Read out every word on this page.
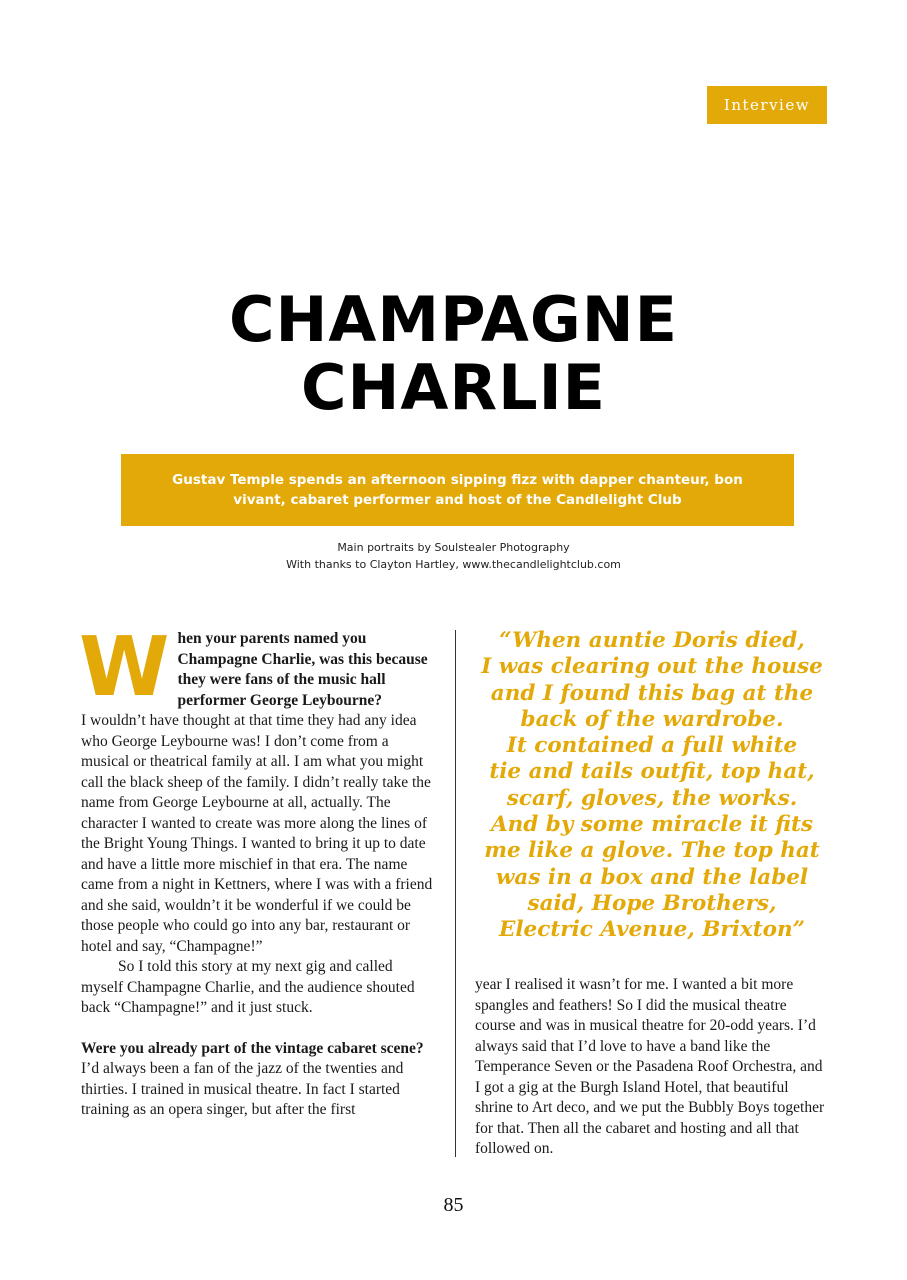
Interview
CHAMPAGNE
CHARLIE
Gustav Temple spends an afternoon sipping fizz with dapper chanteur, bon vivant, cabaret performer and host of the Candlelight Club
Main portraits by Soulstealer Photography
With thanks to Clayton Hartley, www.thecandlelightclub.com
W hen your parents named you Champagne Charlie, was this because they were fans of the music hall performer George Leybourne?

I wouldn’t have thought at that time they had any idea who George Leybourne was! I don’t come from a musical or theatrical family at all. I am what you might call the black sheep of the family. I didn’t really take the name from George Leybourne at all, actually. The character I wanted to create was more along the lines of the Bright Young Things. I wanted to bring it up to date and have a little more mischief in that era. The name came from a night in Kettners, where I was with a friend and she said, wouldn’t it be wonderful if we could be those people who could go into any bar, restaurant or hotel and say, “Champagne!”

So I told this story at my next gig and called myself Champagne Charlie, and the audience shouted back “Champagne!” and it just stuck.

Were you already part of the vintage cabaret scene?

I’d always been a fan of the jazz of the twenties and thirties. I trained in musical theatre. In fact I started training as an opera singer, but after the first

“When auntie Doris died,
I was clearing out the house
and I found this bag at the
back of the wardrobe.
It contained a full white
tie and tails outfit, top hat,
scarf, gloves, the works.
And by some miracle it fits
me like a glove. The top hat
was in a box and the label
said, Hope Brothers,
Electric Avenue, Brixton”

year I realised it wasn’t for me. I wanted a bit more spangles and feathers! So I did the musical theatre course and was in musical theatre for 20-odd years. I’d always said that I’d love to have a band like the Temperance Seven or the Pasadena Roof Orchestra, and I got a gig at the Burgh Island Hotel, that beautiful shrine to Art deco, and we put the Bubbly Boys together for that. Then all the cabaret and hosting and all that followed on.

85
